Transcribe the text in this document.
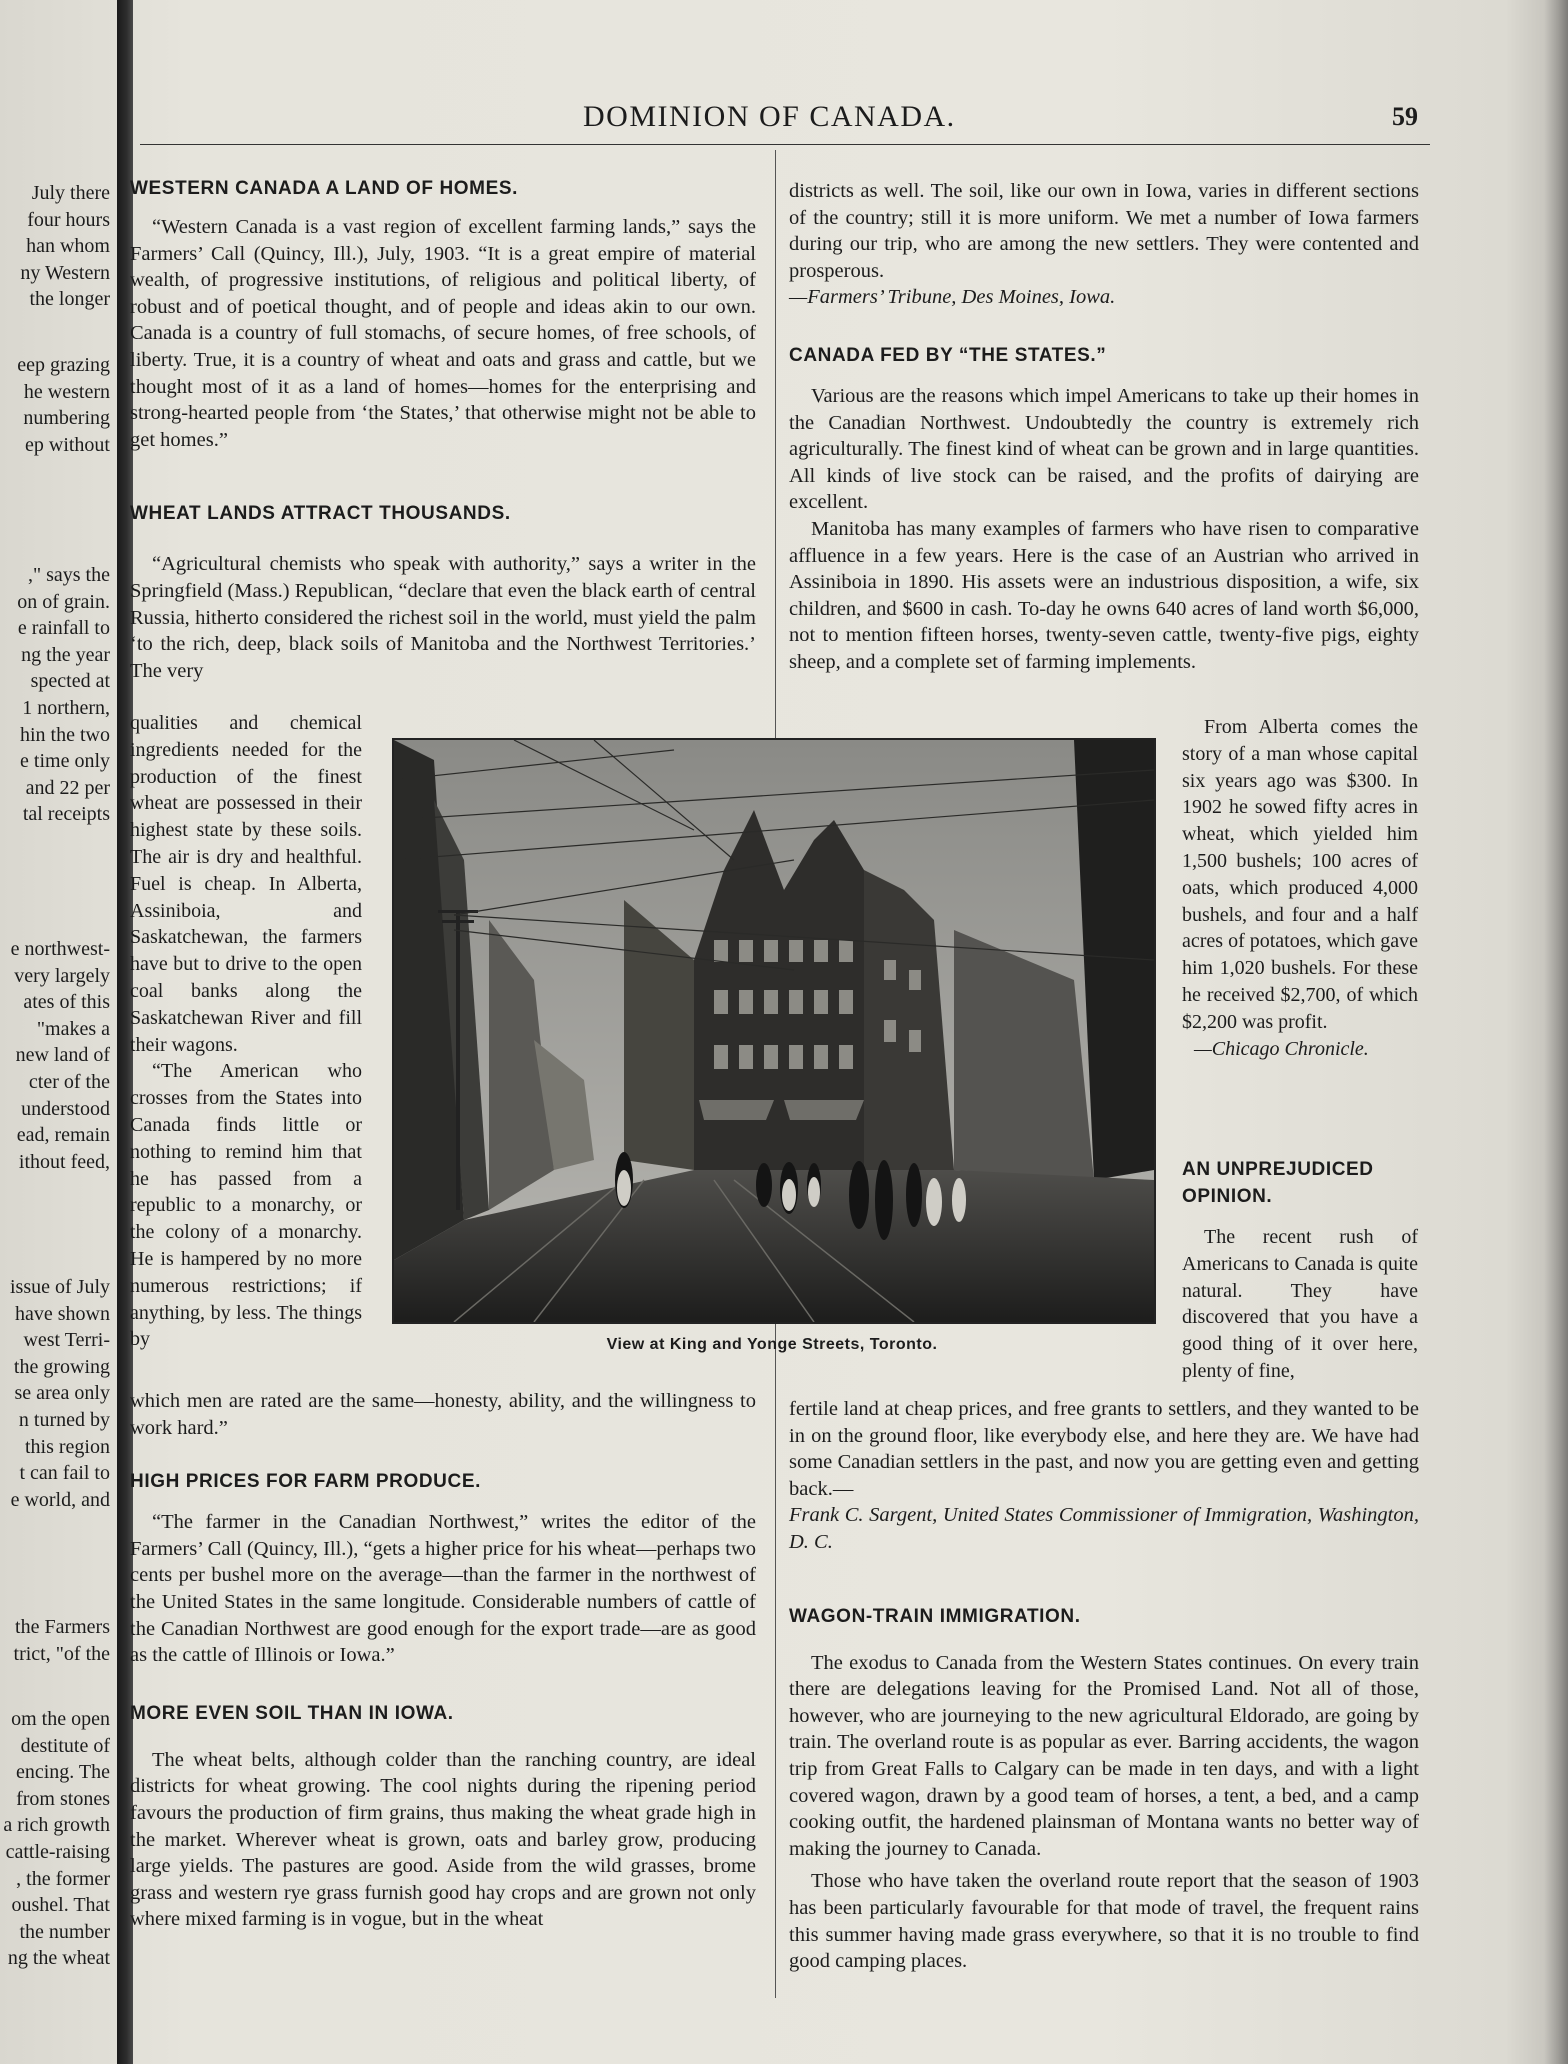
July there
four hours
han whom
ny Western
the longer
eep grazing
he western
numbering
ep without
," says the
on of grain.
e rainfall to
ng the year
spected at
1 northern,
hin the two
e time only
and 22 per
tal receipts
e northwest-
very largely
ates of this
"makes a
new land of
cter of the
understood
ead, remain
ithout feed,
issue of July
have shown
west Terri-
the growing
se area only
n turned by
this region
t can fail to
e world, and
the Farmers
trict, "of the
om the open
destitute of
encing. The
from stones
a rich growth
cattle-raising
, the former
oushel. That
the number
ng the wheat
DOMINION OF CANADA.	59
WESTERN CANADA A LAND OF HOMES.

“Western Canada is a vast region of excellent farming lands,” says the Farmers’ Call (Quincy, Ill.), July, 1903. “It is a great empire of material wealth, of progressive institutions, of religious and political liberty, of robust and of poetical thought, and of people and ideas akin to our own. Canada is a country of full stomachs, of secure homes, of free schools, of liberty. True, it is a country of wheat and oats and grass and cattle, but we thought most of it as a land of homes—homes for the enterprising and strong-hearted people from ‘the States,’ that otherwise might not be able to get homes.”

WHEAT LANDS ATTRACT THOUSANDS.

“Agricultural chemists who speak with authority,” says a writer in the Springfield (Mass.) Republican, “declare that even the black earth of central Russia, hitherto considered the richest soil in the world, must yield the palm ‘to the rich, deep, black soils of Manitoba and the Northwest Territories.’ The very

qualities and chemical ingredients needed for the production of the finest wheat are possessed in their highest state by these soils. The air is dry and healthful. Fuel is cheap. In Alberta, Assiniboia, and Saskatchewan, the farmers have but to drive to the open coal banks along the Saskatchewan River and fill their wagons.

“The American who crosses from the States into Canada finds little or nothing to remind him that he has passed from a republic to a monarchy, or the colony of a monarchy. He is hampered by no more numerous restrictions; if anything, by less. The things by

which men are rated are the same—honesty, ability, and the willingness to work hard.”

HIGH PRICES FOR FARM PRODUCE.

“The farmer in the Canadian Northwest,” writes the editor of the Farmers’ Call (Quincy, Ill.), “gets a higher price for his wheat—perhaps two cents per bushel more on the average—than the farmer in the northwest of the United States in the same longitude. Considerable numbers of cattle of the Canadian Northwest are good enough for the export trade—are as good as the cattle of Illinois or Iowa.”

MORE EVEN SOIL THAN IN IOWA.

The wheat belts, although colder than the ranching country, are ideal districts for wheat growing. The cool nights during the ripening period favours the production of firm grains, thus making the wheat grade high in the market. Wherever wheat is grown, oats and barley grow, producing large yields. The pastures are good. Aside from the wild grasses, brome grass and western rye grass furnish good hay crops and are grown not only where mixed farming is in vogue, but in the wheat

districts as well. The soil, like our own in Iowa, varies in different sections of the country; still it is more uniform. We met a number of Iowa farmers during our trip, who are among the new settlers. They were contented and prosperous.

—Farmers’ Tribune, Des Moines, Iowa.

CANADA FED BY “THE STATES.”

Various are the reasons which impel Americans to take up their homes in the Canadian Northwest. Undoubtedly the country is extremely rich agriculturally. The finest kind of wheat can be grown and in large quantities. All kinds of live stock can be raised, and the profits of dairying are excellent.

Manitoba has many examples of farmers who have risen to comparative affluence in a few years. Here is the case of an Austrian who arrived in Assiniboia in 1890. His assets were an industrious disposition, a wife, six children, and $600 in cash. To-day he owns 640 acres of land worth $6,000, not to mention fifteen horses, twenty-seven cattle, twenty-five pigs, eighty sheep, and a complete set of farming implements.

From Alberta comes the story of a man whose capital six years ago was $300. In 1902 he sowed fifty acres in wheat, which yielded him 1,500 bushels; 100 acres of oats, which produced 4,000 bushels, and four and a half acres of potatoes, which gave him 1,020 bushels. For these he received $2,700, of which $2,200 was profit.

—Chicago Chronicle.

AN UNPREJUDICED
OPINION.

The recent rush of Americans to Canada is quite natural. They have discovered that you have a good thing of it over here, plenty of fine,

fertile land at cheap prices, and free grants to settlers, and they wanted to be in on the ground floor, like everybody else, and here they are. We have had some Canadian settlers in the past, and now you are getting even and getting back.—

Frank C. Sargent, United States Commissioner of Immigration, Washington, D. C.

WAGON-TRAIN IMMIGRATION.

The exodus to Canada from the Western States continues. On every train there are delegations leaving for the Promised Land. Not all of those, however, who are journeying to the new agricultural Eldorado, are going by train. The overland route is as popular as ever. Barring accidents, the wagon trip from Great Falls to Calgary can be made in ten days, and with a light covered wagon, drawn by a good team of horses, a tent, a bed, and a camp cooking outfit, the hardened plainsman of Montana wants no better way of making the journey to Canada.

Those who have taken the overland route report that the season of 1903 has been particularly favourable for that mode of travel, the frequent rains this summer having made grass everywhere, so that it is no trouble to find good camping places.

View at King and Yonge Streets, Toronto.
